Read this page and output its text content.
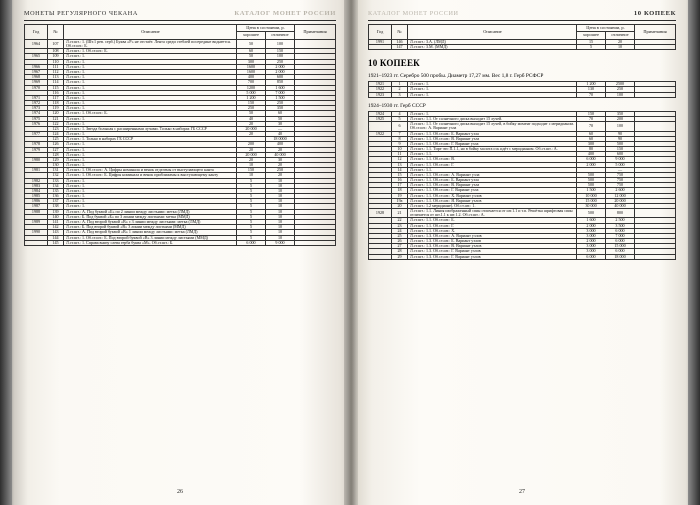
МОНЕТЫ РЕГУЛЯРНОГО ЧЕКАНА	КАТАЛОГ МОНЕТ РОССИИ
Год	№	Описание	Цена в состоянии, р.		Примечания
			хорошее	отличное	
1964	107	Л.ст.шт.: 1. (Шт.1 рев. серб.) Буква «Р» не отстаёт. Лента среди стеблей посередине виднеется. Об.ст.шт.: Б.	50	100	
	108	Л.ст.шт.: 1. Об.ст.шт.: Б.	60	150	
1965	109	Л.ст.шт.: 1.	50	100	
	110	Л.ст.шт.: 1.	300	250	
1966	111	Л.ст.шт.: 1.	1600	2 000	
1967	112	Л.ст.шт.: 1.	1600	2 000	
1968	113	Л.ст.шт.: 1.	400	600	
1969	114	Л.ст.шт.: 1.	700	850	
1970	115	Л.ст.шт.: 1.	1200	1 600	
	116	Л.ст.шт.: 1.	5 000	7 000	
1971	117	Л.ст.шт.: 1.	1 200	1 500	
1972	118	Л.ст.шт.: 1.	150	250	
1973	119	Л.ст.шт.: 1.	250	350	
1974	120	Л.ст.шт.: 1. Об.ст.шт.: Б.	50	60	
1975	121	Л.ст.шт.: 1.	40	50	
1976	122	Л.ст.шт.: 1.	20	30	
	123	Л.ст.шт.: 1. Звезда большая с расширенными лучами. Только в наборах ГБ СССР	20 000	—	
1977	124	Л.ст.шт.: 1.	20	40	
	125	Л.ст.шт.: 1. Только в наборах ГБ СССР		18 0000	
1978	126	Л.ст.шт.: 1.	200	400	
1979	127	Л.ст.шт.: 1.	20	20	
	128	Л.ст.шт.: 1.	20 000	40 000	
1980	129	Л.ст.шт.: 1.	20	30	
	130	Л.ст.шт.: 1.	10	20	
1981	131	Л.ст.шт.: 1. Об.ст.шт.: А. Цифры номинала и венок отделены от выступающего канта	150	250	
	132	Л.ст.шт.: 1. Об.ст.шт.: Б. Цифры номинала и венок приближены к выступающему канту	10	20	
1982	133	Л.ст.шт.: 1.	5	10	
1983	134	Л.ст.шт.: 1.	5	10	
1984	135	Л.ст.шт.: 1.	5	10	
1985	136	Л.ст.шт.: 1.	5	10	
1986	137	Л.ст.шт.: 1.	5	10	
1987	138	Л.ст.шт.: 1.	5	10	
1988	139	Л.ст.шт.: А. Под буквой «Б» по 2 линии между листьями: метка (ЛМД)	5	10	
	140	Л.ст.шт.: Б. Под буквой «Б» по 3 линии между листьями: метка (ММД)	5	10	
1989	141	Л.ст.шт.: А. Под второй буквой «В» с 3 линии между листьями: метка (ЛМД)	5	10	
	142	Л.ст.шт.: Б. Под второй буквой «В» 3 линии между листьями (ММД)	5	10	
1990	143	Л.ст.шт.: А. Под второй буквой «В» 1 линии между листьями: метка (ЛМД)	5	10	
	144	Л.ст.шт.: 1. Об.ст.шт.: Б. Под второй буквой «В» 3 линии между листьями (ММД)	5	10	
	145	Л.ст.шт.: 1. Справа внизу слева герба буква «М». Об.ст.шт.: Б.	6 000	9 000	
26
КАТАЛОГ МОНЕТ РОССИИ	10 КОПЕЕК
Год	№	Описание	Цена в состоянии, р.		Примечания
			хорошее	отличное	
1991	146	Л.ст.шт.: 3.А. (ЛМД)	15	20	
	147	Л.ст.шт.: 3.М. (ММД)	5	10	
10 КОПЕЕК

1921–1923 гг. Серебро 500 пробы. Диаметр 17,27 мм. Вес 1,8 г. Герб РСФСР

1921	1	Л.ст.шт.: 1.	1 200	2500	
1922	2	Л.ст.шт.: 1.	130	250	
1923	3	Л.ст.шт.: 1.	70	100	

1924–1930 гг. Герб СССР

1924	4	Л.ст.шт.: 1.	150	350	
1925	5	Л.ст.шт.: 1.1. От солнечного диска выходит 15 лучей.	70	200	
	6	Л.ст.шт.: 1.1. От солнечного диска выходит 15 лучей, в бойку момент подходит с меридианом. Об.ст.шт.: А. Вариант узла	70	100	
1922	7	Л.ст.шт.: 1.1. Об.ст.шт.: Б. Вариант узла	60	90	
	8	Л.ст.шт.: 1.1. Об.ст.шт.: В. Вариант узла	60	90	
	9	Л.ст.шт.: 1.1. Об.ст.шт.: Г. Вариант узла	300	500	
	10	Л.ст.шт.: 1.1. Тире что П.1.1, но в бойку молота ось идёт с меридианом. Об.ст.шт.: А.	80	150	
	11	Л.ст.шт.: 1.1.	400	600	
	12	Л.ст.шт.: 1.1. Об.ст.шт.: В.	6 000	9 000	
	13	Л.ст.шт.: 1.1. Об.ст.шт.: Г.	2 000	5 000	
	14	Л.ст.шт.: 1.1.		—	
	15	Л.ст.шт.: 1.1. Об.ст.шт.: А. Вариант узла	500	750	
	16	Л.ст.шт.: 1.1. Об.ст.шт.: Б. Вариант узла	500	750	
	17	Л.ст.шт.: 1.1. Об.ст.шт.: В. Вариант узла	500	750	
	18	Л.ст.шт.: 1.1. Об.ст.шт.: Г. Вариант узла	1 500	2 600	
	19	Л.ст.шт.: 1.1. Об.ст.шт.: Х. Вариант узлов	10 000	12 000	
	19а	Л.ст.шт.: 1.1. Об.ст.шт.: Я. Вариант узлов	15 000	20 000	
	20	Л.ст.шт.: 1.2 меридиане). Об.ст.шт.: 1.	30 000	40 000	
1928	21	Л.ст.шт.: 1.1. Линия изображенный спин отличается от шт.1.1 и т.п. Решётка шрифтовая спин отличается от шт.1.1 к шт.1.2. Об.ст.шт.: А.	500	800	
	22	Л.ст.шт.: 1.1. Об.ст.шт.: Б.	1 600	2 500	
	23	Л.ст.шт.: 1.1. Об.ст.шт.: Г.	2 000	3 500	
	24	Л.ст.шт.: 1.1. Об.ст.шт.: Х.	3 000	6 000	
	25	Л.ст.шт.: 1.3. Об.ст.шт.: А. Вариант узлов	3 000	7 000	
	26	Л.ст.шт.: 1.3. Об.ст.шт.: Б. Вариант узлов	2 000	6 000	
	27	Л.ст.шт.: 1.3. Об.ст.шт.: В. Вариант узлов	3 000	15 000	
	28	Л.ст.шт.: 1.3. Об.ст.шт.: Г. Вариант узлов	3 000	6 000	
	29	Л.ст.шт.: 1.3. Об.ст.шт.: Г. Вариант узлов	6 000	18 000	
27
